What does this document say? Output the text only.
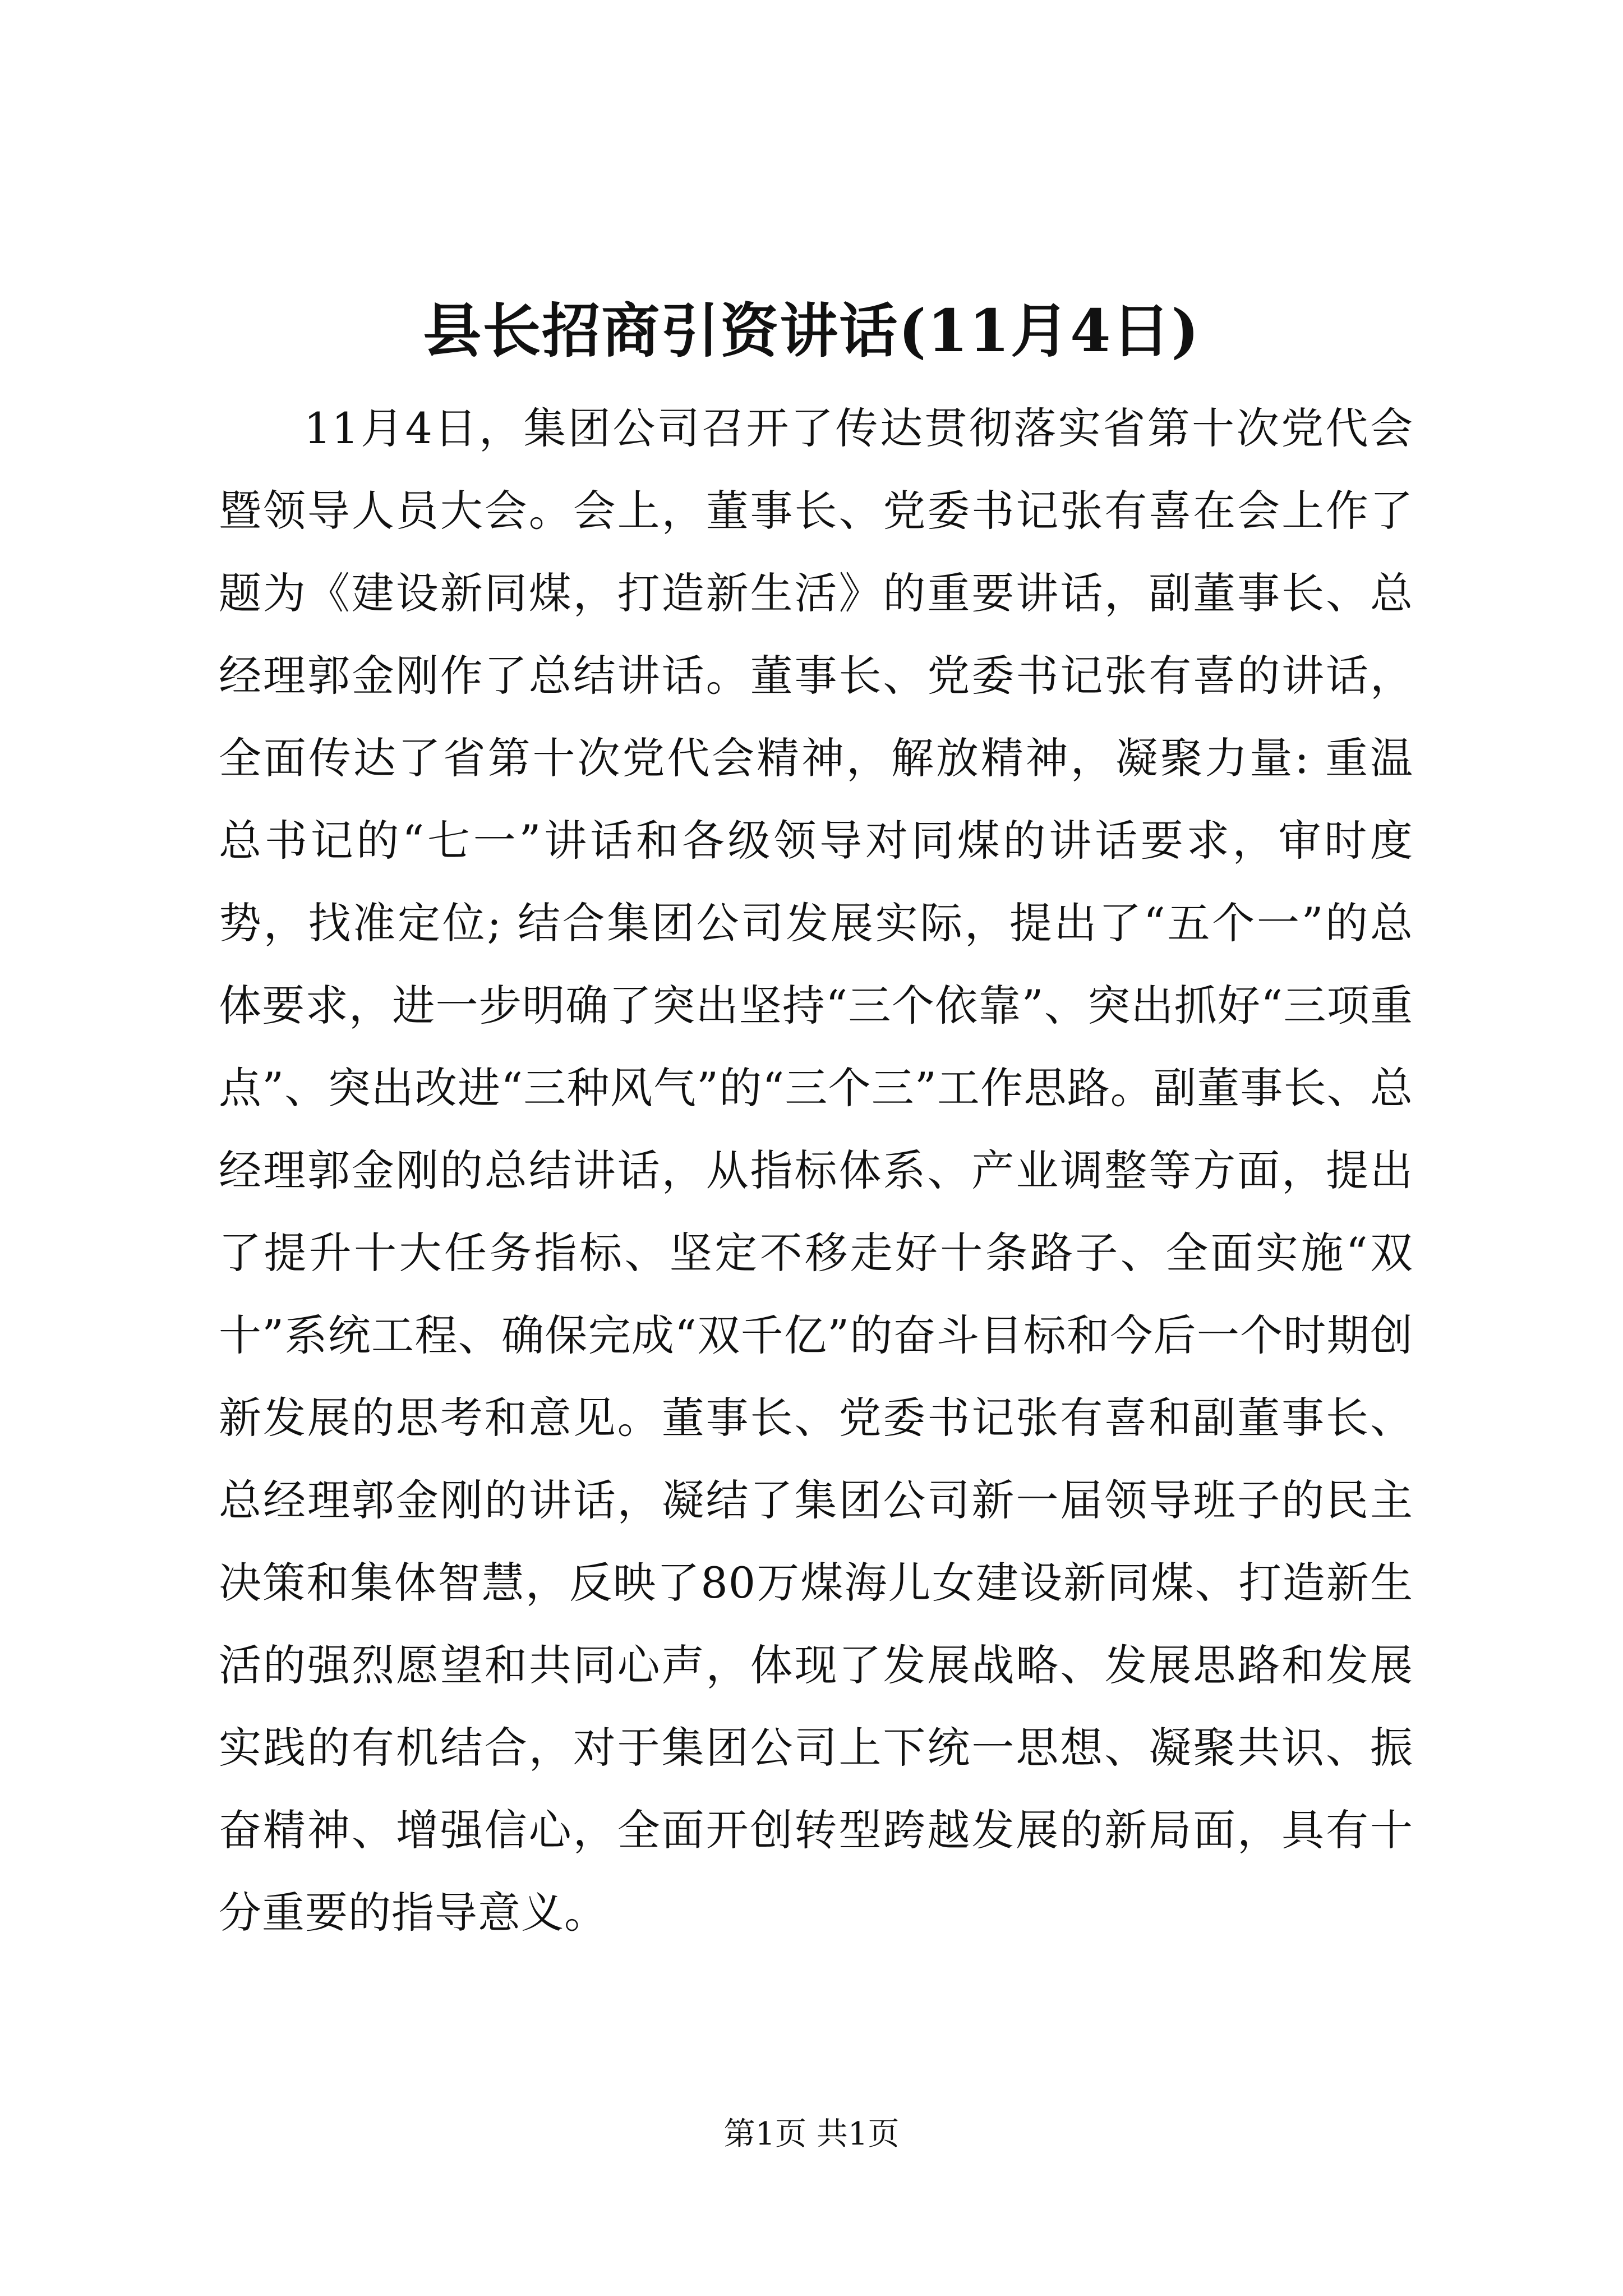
县长招商引资讲话(11月4日)

11月4日，集团公司召开了传达贯彻落实省第十次党代会暨领导人员大会。会上，董事长、党委书记张有喜在会上作了题为《建设新同煤，打造新生活》的重要讲话，副董事长、总经理郭金刚作了总结讲话。董事长、党委书记张有喜的讲话，全面传达了省第十次党代会精神，解放精神，凝聚力量: 重温总书记的“七一”讲话和各级领导对同煤的讲话要求，审时度势，找准定位; 结合集团公司发展实际，提出了“五个一”的总体要求，进一步明确了突出坚持“三个依靠”、突出抓好“三项重点”、突出改进“三种风气”的“三个三”工作思路。副董事长、总经理郭金刚的总结讲话，从指标体系、产业调整等方面，提出了提升十大任务指标、坚定不移走好十条路子、全面实施“双十”系统工程、确保完成“双千亿”的奋斗目标和今后一个时期创新发展的思考和意见。董事长、党委书记张有喜和副董事长、总经理郭金刚的讲话，凝结了集团公司新一届领导班子的民主决策和集体智慧，反映了80万煤海儿女建设新同煤、打造新生活的强烈愿望和共同心声，体现了发展战略、发展思路和发展实践的有机结合，对于集团公司上下统一思想、凝聚共识、振奋精神、增强信心，全面开创转型跨越发展的新局面，具有十分重要的指导意义。

第1页 共1页
